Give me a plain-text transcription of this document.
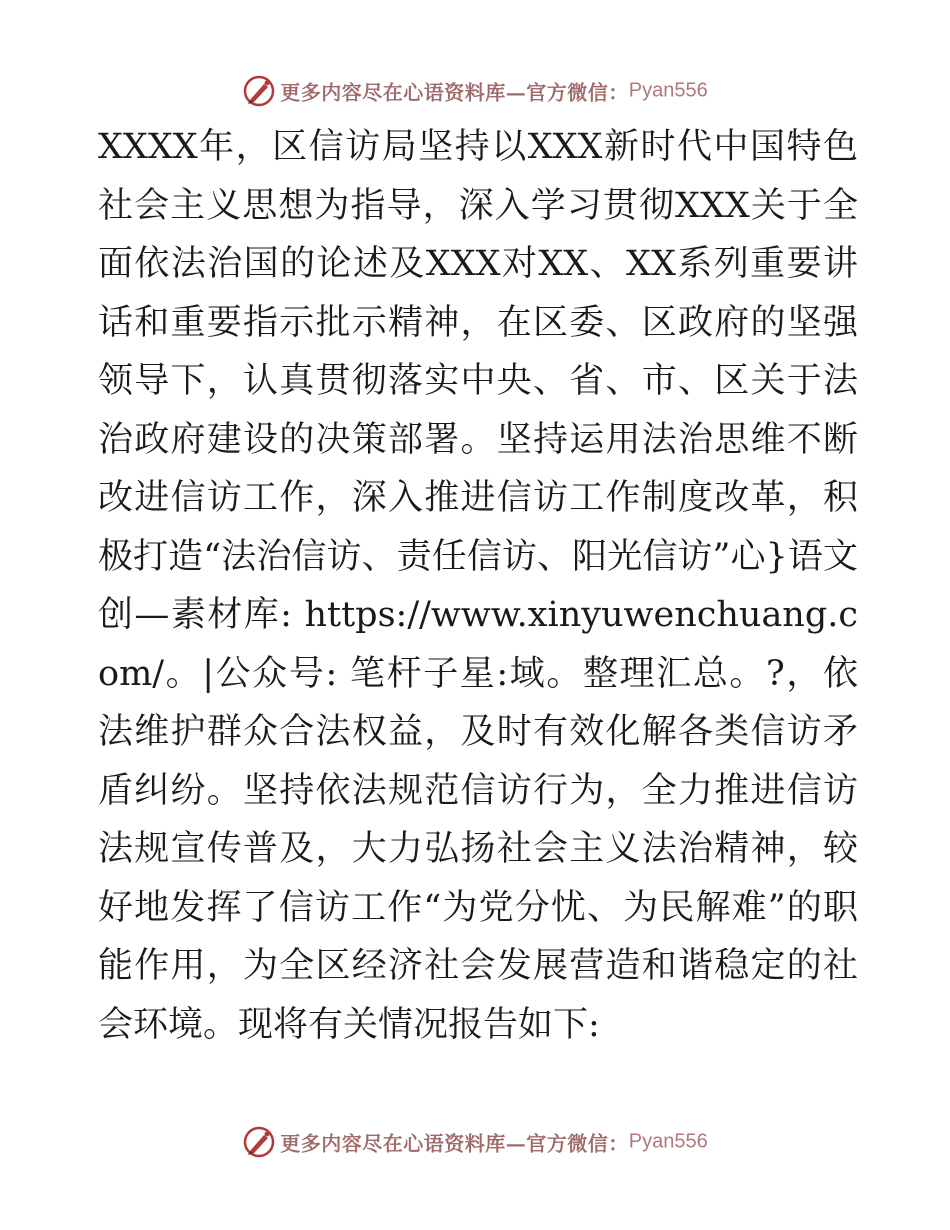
更多内容尽在心语资料库—官方微信：Pyan556

XXXX年，区信访局坚持以XXX新时代中国特色社会主义思想为指导，深入学习贯彻XXX关于全面依法治国的论述及XXX对XX、XX系列重要讲话和重要指示批示精神，在区委、区政府的坚强领导下，认真贯彻落实中央、省、市、区关于法治政府建设的决策部署。坚持运用法治思维不断改进信访工作，深入推进信访工作制度改革，积极打造“法治信访、责任信访、阳光信访”心}语文创—素材库: https://www.xinyuwenchuang.com/。|公众号: 笔杆子星:域。整理汇总。?，依法维护群众合法权益，及时有效化解各类信访矛盾纠纷。坚持依法规范信访行为，全力推进信访法规宣传普及，大力弘扬社会主义法治精神，较好地发挥了信访工作“为党分忧、为民解难”的职能作用，为全区经济社会发展营造和谐稳定的社会环境。现将有关情况报告如下:

更多内容尽在心语资料库—官方微信：Pyan556
